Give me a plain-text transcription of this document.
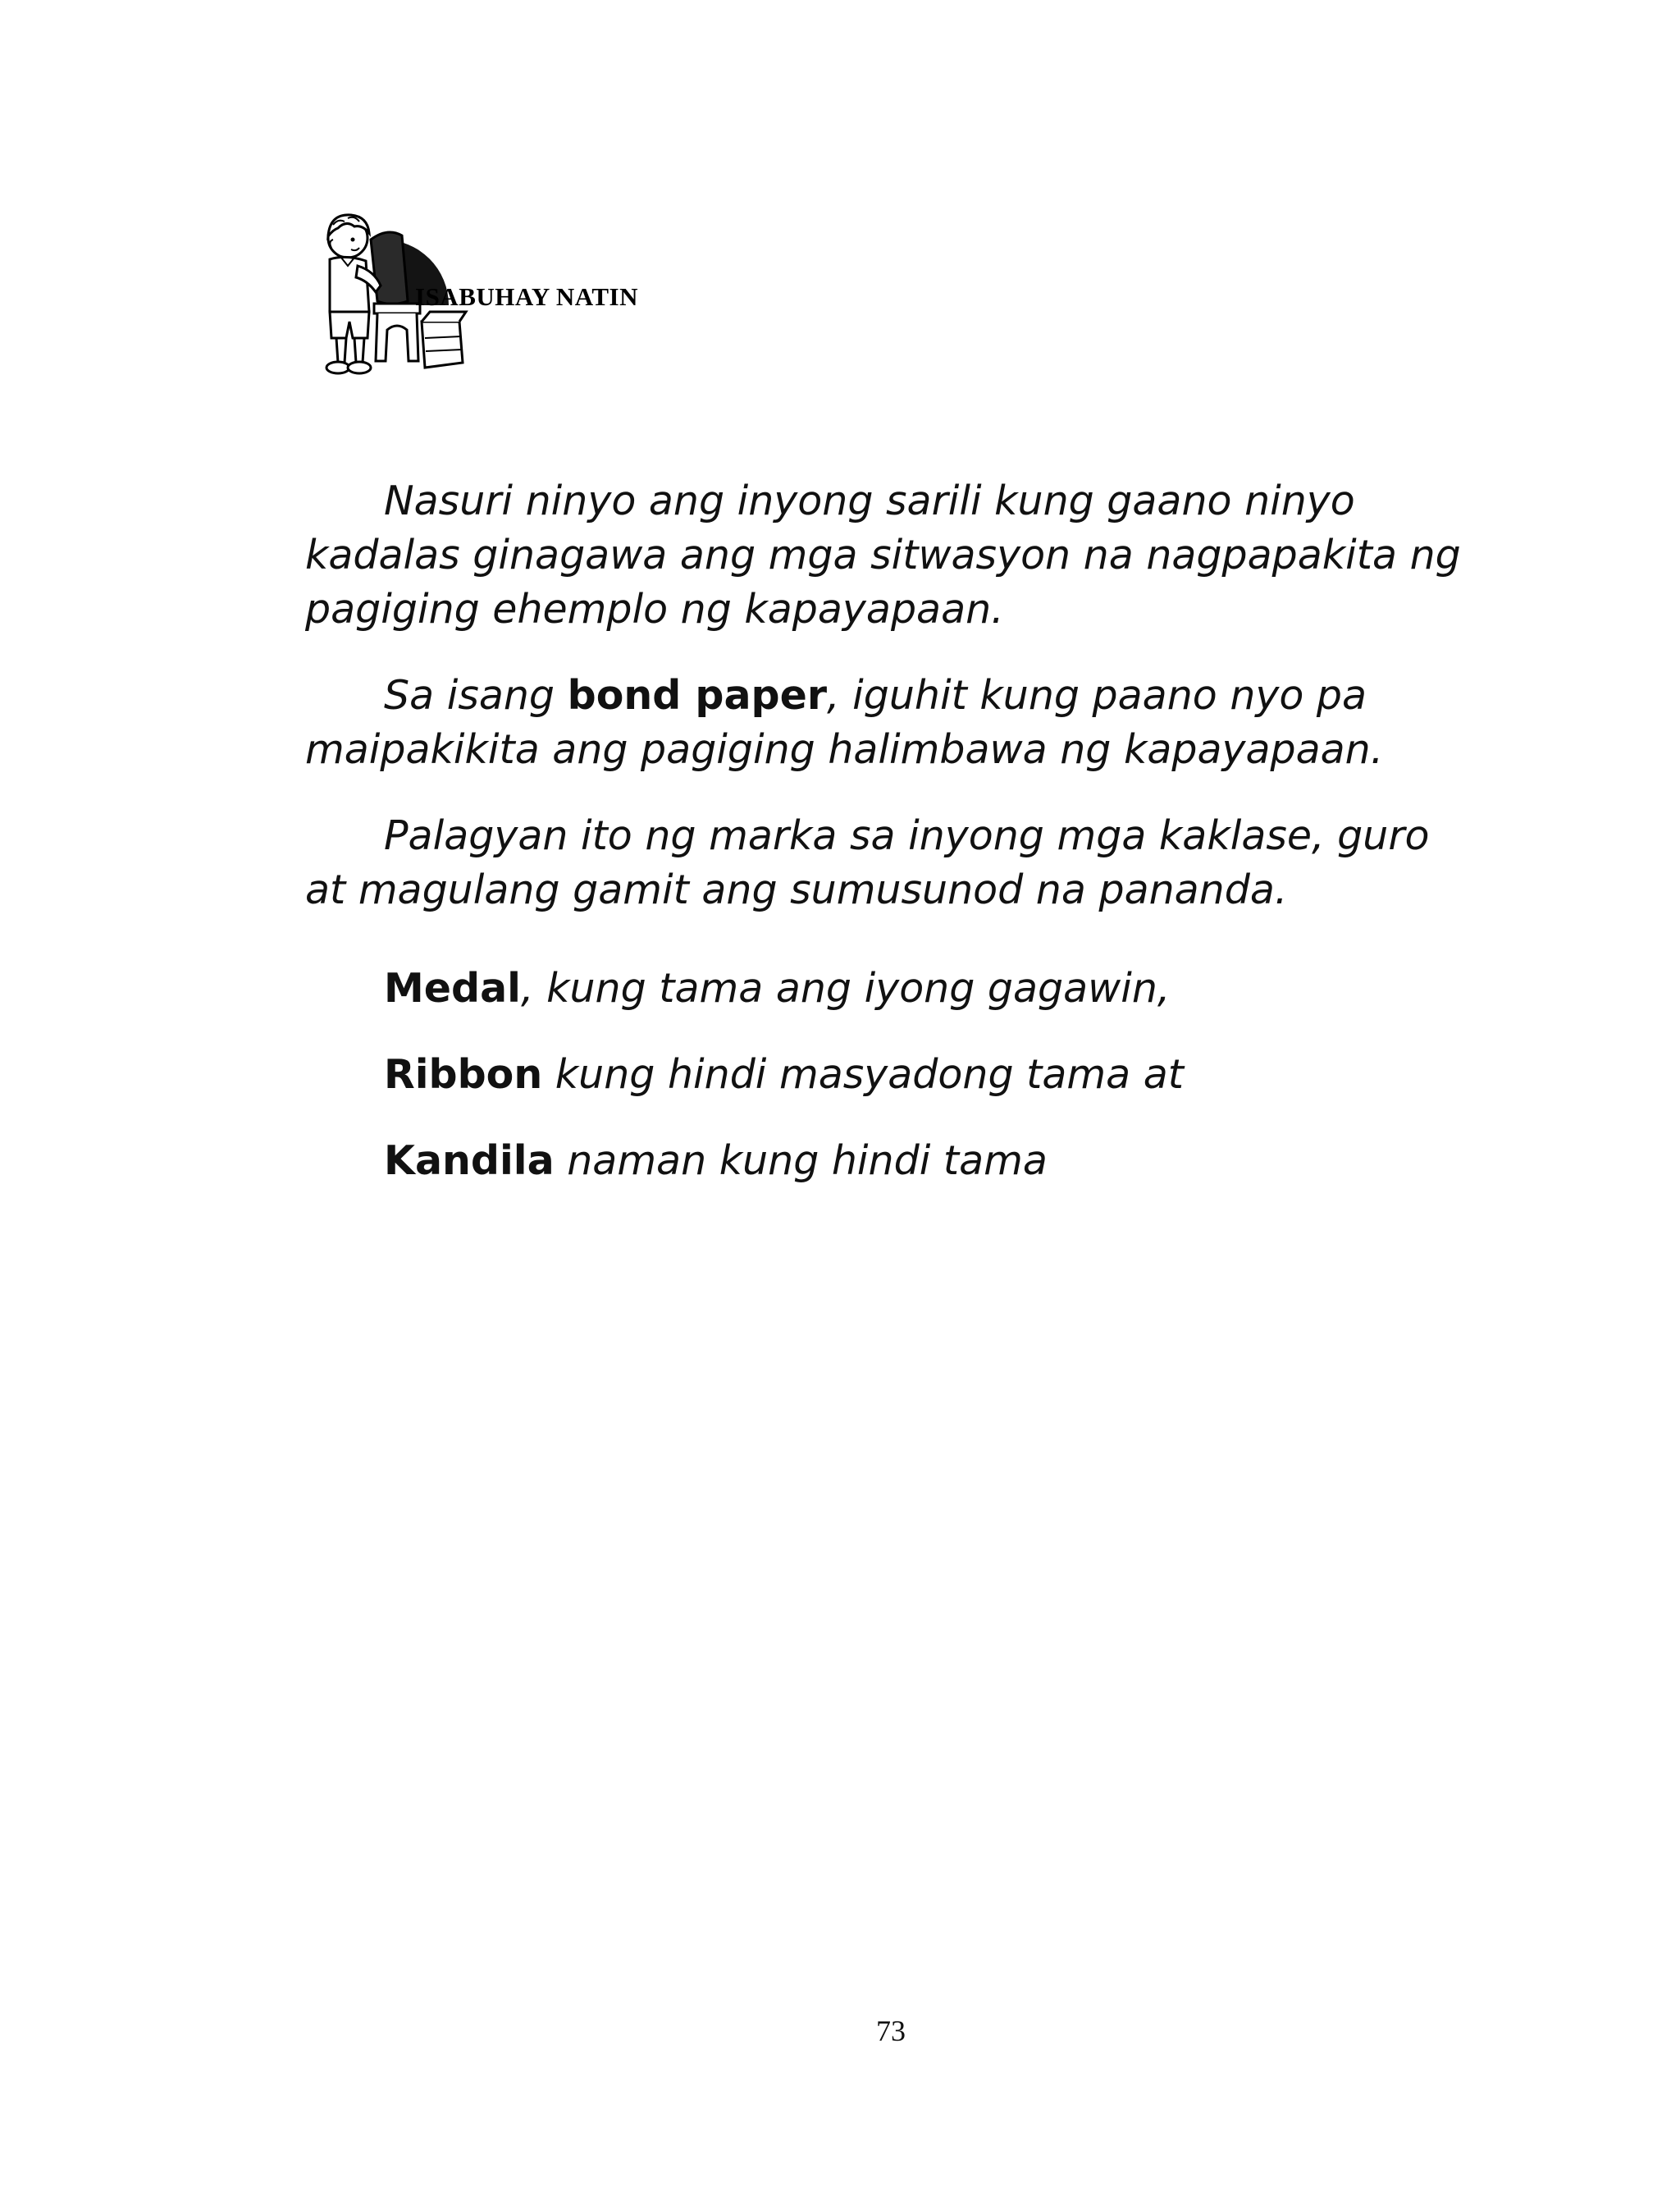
ISABUHAY NATIN

Nasuri ninyo ang inyong sarili kung gaano ninyo kadalas ginagawa ang mga sitwasyon na nagpapakita ng pagiging ehemplo ng kapayapaan.

Sa isang bond paper, iguhit kung paano nyo pa maipakikita ang pagiging halimbawa ng kapayapaan.

Palagyan ito ng marka sa inyong mga kaklase, guro at magulang gamit ang sumusunod na pananda.

Medal, kung tama ang iyong gagawin,
Ribbon kung hindi masyadong tama at
Kandila naman kung hindi tama
73
